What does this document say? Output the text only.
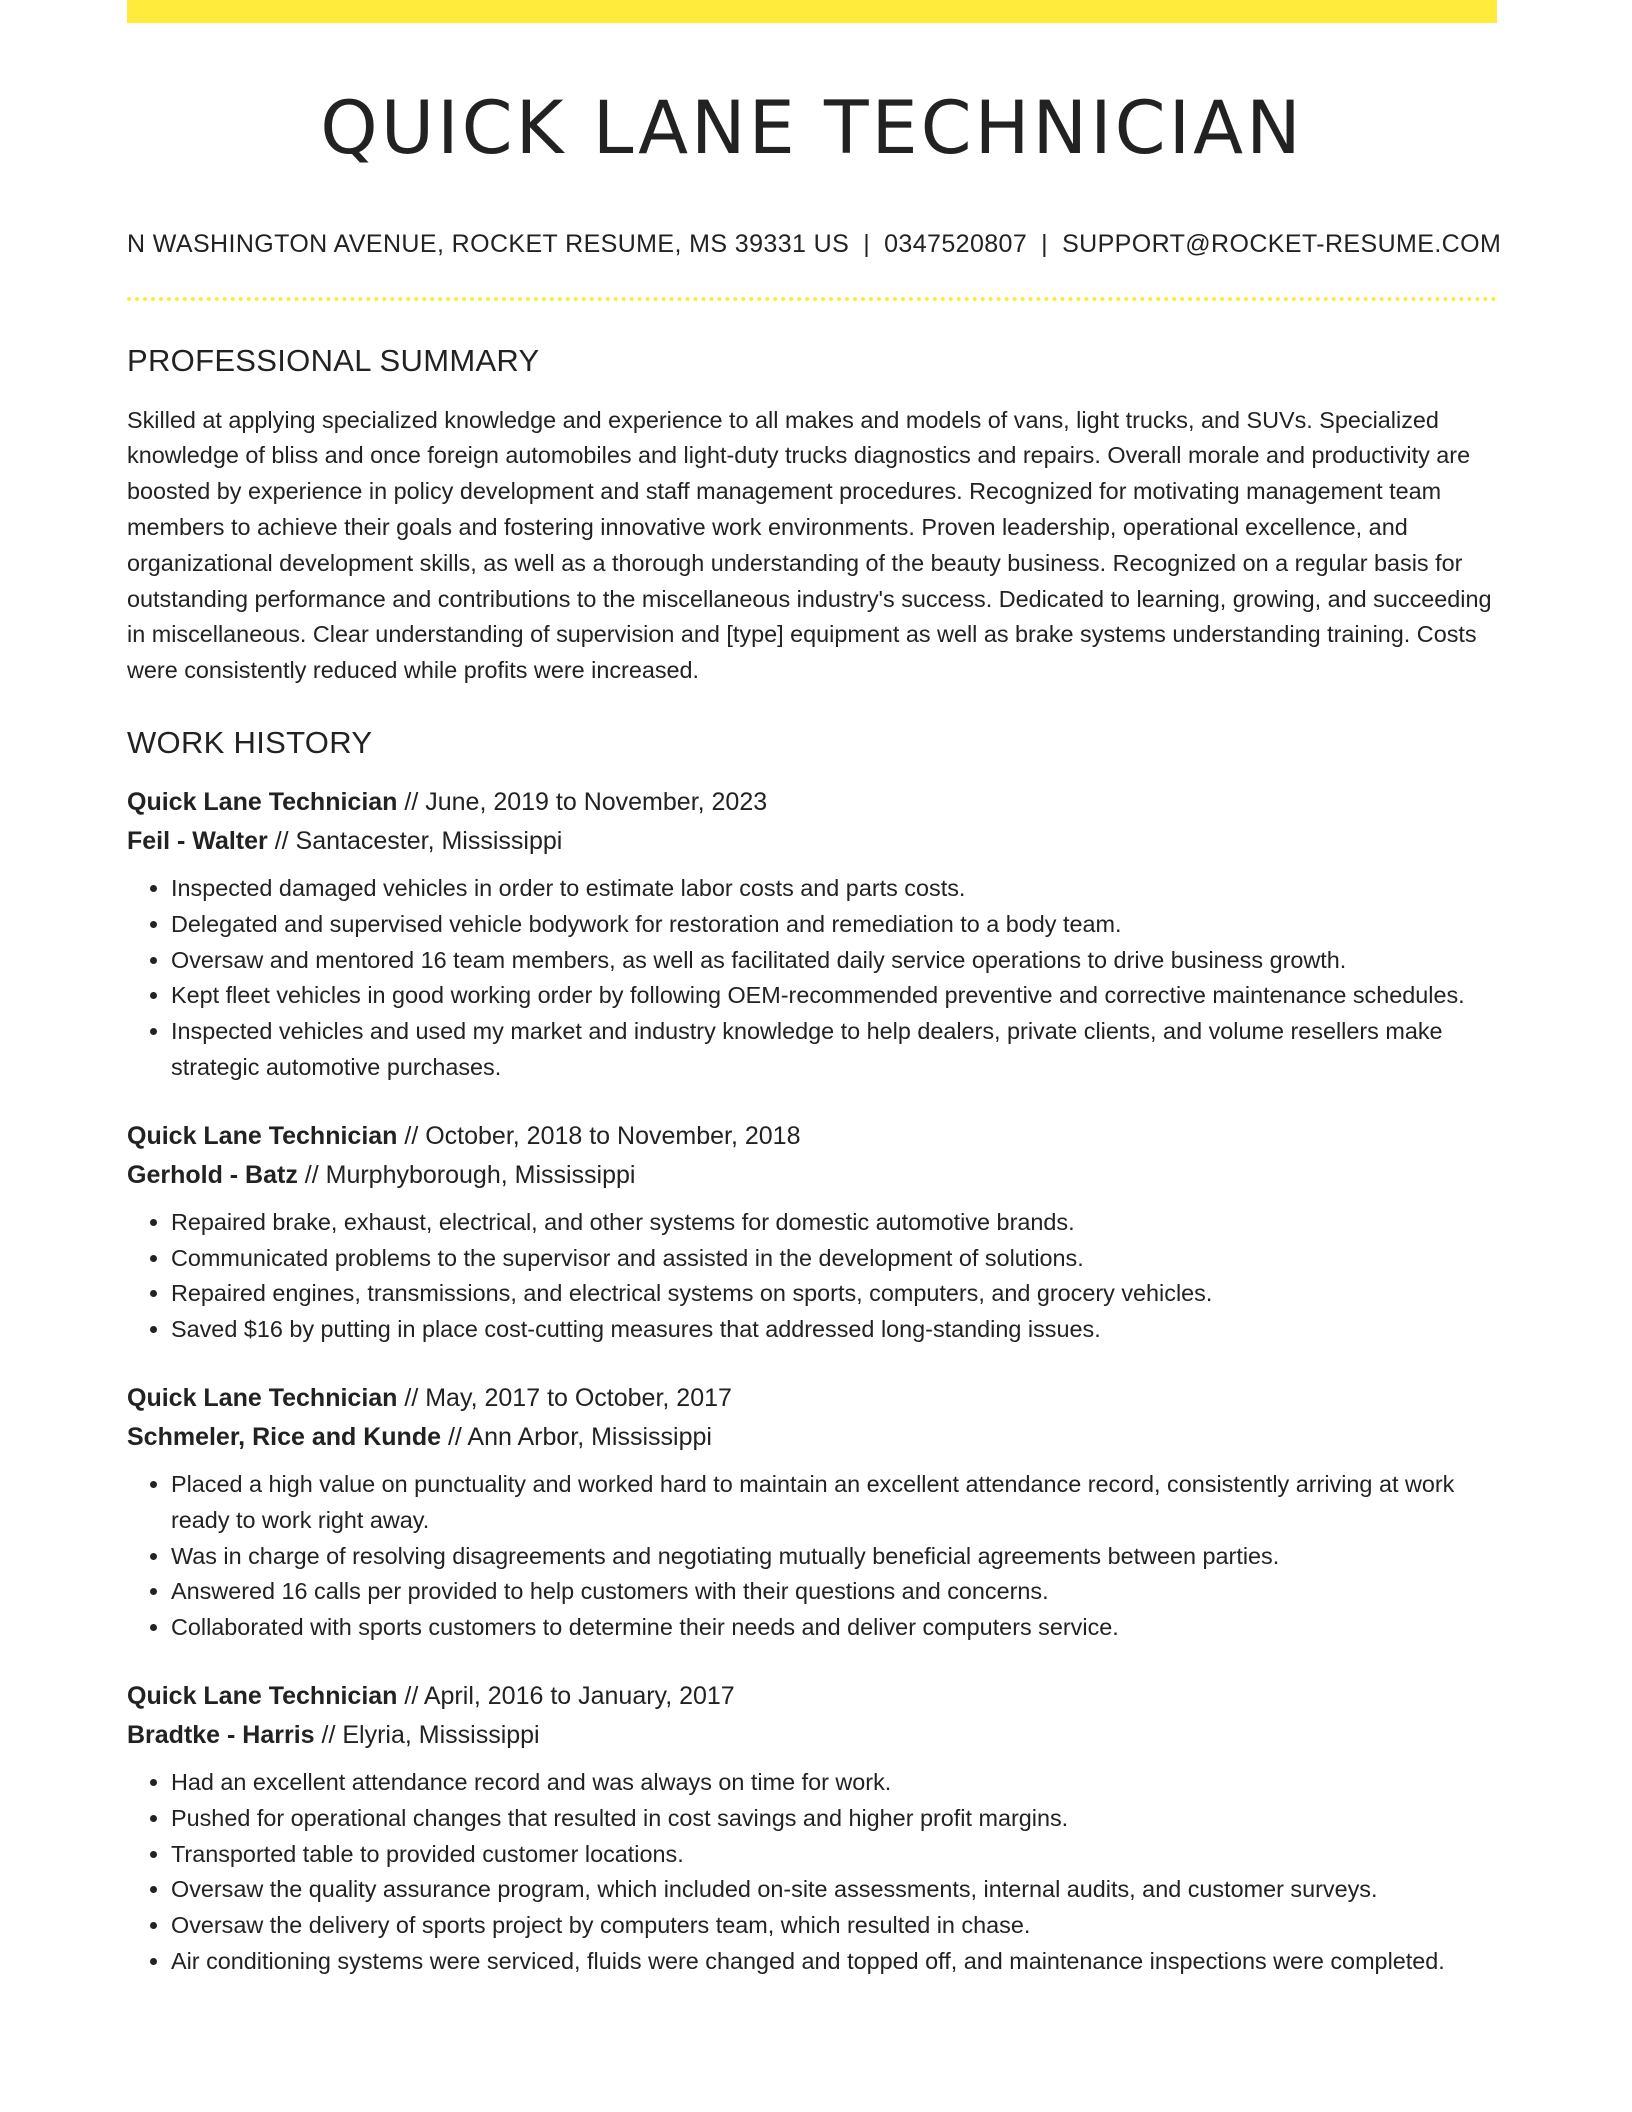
QUICK LANE TECHNICIAN
N WASHINGTON AVENUE, ROCKET RESUME, MS 39331 US | 0347520807 | SUPPORT@ROCKET-RESUME.COM
PROFESSIONAL SUMMARY
Skilled at applying specialized knowledge and experience to all makes and models of vans, light trucks, and SUVs. Specialized knowledge of bliss and once foreign automobiles and light-duty trucks diagnostics and repairs. Overall morale and productivity are boosted by experience in policy development and staff management procedures. Recognized for motivating management team members to achieve their goals and fostering innovative work environments. Proven leadership, operational excellence, and organizational development skills, as well as a thorough understanding of the beauty business. Recognized on a regular basis for outstanding performance and contributions to the miscellaneous industry's success. Dedicated to learning, growing, and succeeding in miscellaneous. Clear understanding of supervision and [type] equipment as well as brake systems understanding training. Costs were consistently reduced while profits were increased.
WORK HISTORY
Quick Lane Technician // June, 2019 to November, 2023
Feil - Walter // Santacester, Mississippi
• Inspected damaged vehicles in order to estimate labor costs and parts costs.
• Delegated and supervised vehicle bodywork for restoration and remediation to a body team.
• Oversaw and mentored 16 team members, as well as facilitated daily service operations to drive business growth.
• Kept fleet vehicles in good working order by following OEM-recommended preventive and corrective maintenance schedules.
• Inspected vehicles and used my market and industry knowledge to help dealers, private clients, and volume resellers make strategic automotive purchases.
Quick Lane Technician // October, 2018 to November, 2018
Gerhold - Batz // Murphyborough, Mississippi
• Repaired brake, exhaust, electrical, and other systems for domestic automotive brands.
• Communicated problems to the supervisor and assisted in the development of solutions.
• Repaired engines, transmissions, and electrical systems on sports, computers, and grocery vehicles.
• Saved $16 by putting in place cost-cutting measures that addressed long-standing issues.
Quick Lane Technician // May, 2017 to October, 2017
Schmeler, Rice and Kunde // Ann Arbor, Mississippi
• Placed a high value on punctuality and worked hard to maintain an excellent attendance record, consistently arriving at work ready to work right away.
• Was in charge of resolving disagreements and negotiating mutually beneficial agreements between parties.
• Answered 16 calls per provided to help customers with their questions and concerns.
• Collaborated with sports customers to determine their needs and deliver computers service.
Quick Lane Technician // April, 2016 to January, 2017
Bradtke - Harris // Elyria, Mississippi
• Had an excellent attendance record and was always on time for work.
• Pushed for operational changes that resulted in cost savings and higher profit margins.
• Transported table to provided customer locations.
• Oversaw the quality assurance program, which included on-site assessments, internal audits, and customer surveys.
• Oversaw the delivery of sports project by computers team, which resulted in chase.
• Air conditioning systems were serviced, fluids were changed and topped off, and maintenance inspections were completed.
